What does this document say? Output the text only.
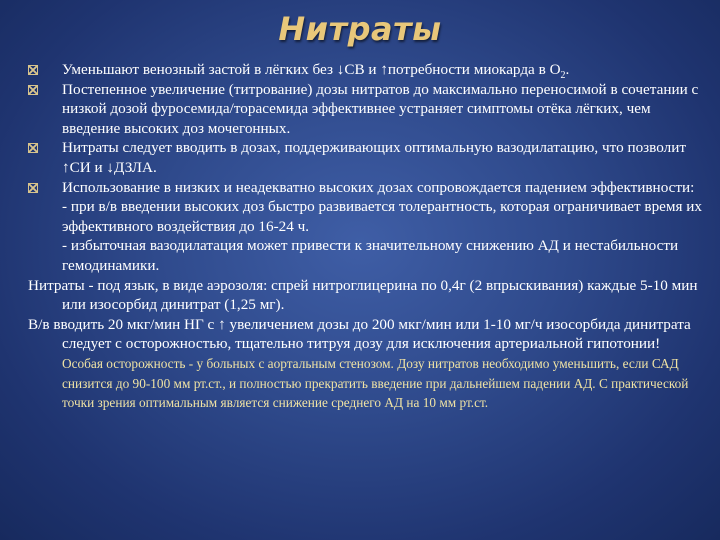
Нитраты
Уменьшают венозный застой в лёгких без ↓СВ и ↑потребности миокарда в $О_2$.
Постепенное увеличение (титрование) дозы нитратов до максимально переносимой в сочетании с низкой дозой фуросемида/торасемида эффективнее устраняет симптомы отёка лёгких, чем введение высоких доз мочегонных.
Нитраты следует вводить в дозах, поддерживающих оптимальную вазодилатацию, что позволит ↑СИ и ↓ДЗЛА.
Использование в низких и неадекватно высоких дозах сопровождается падением эффективности:
- при в/в введении высоких доз быстро развивается толерантность, которая ограничивает время их эффективного воздействия до 16-24 ч.
- избыточная вазодилатация может привести к значительному снижению АД и нестабильности гемодинамики.
Нитраты - под язык, в виде аэрозоля: спрей нитроглицерина по 0,4г (2 впрыскивания) каждые 5-10 мин или изосорбид динитрат (1,25 мг).
В/в вводить 20 мкг/мин НГ с ↑ увеличением дозы до 200 мкг/мин или 1-10 мг/ч изосорбида динитрата следует с осторожностью, тщательно титруя дозу для исключения артериальной гипотонии! Особая осторожность - у больных с аортальным стенозом. Дозу нитратов необходимо уменьшить, если САД снизится до 90-100 мм рт.ст., и полностью прекратить введение при дальнейшем падении АД. С практической точки зрения оптимальным является снижение среднего АД на 10 мм рт.ст.
